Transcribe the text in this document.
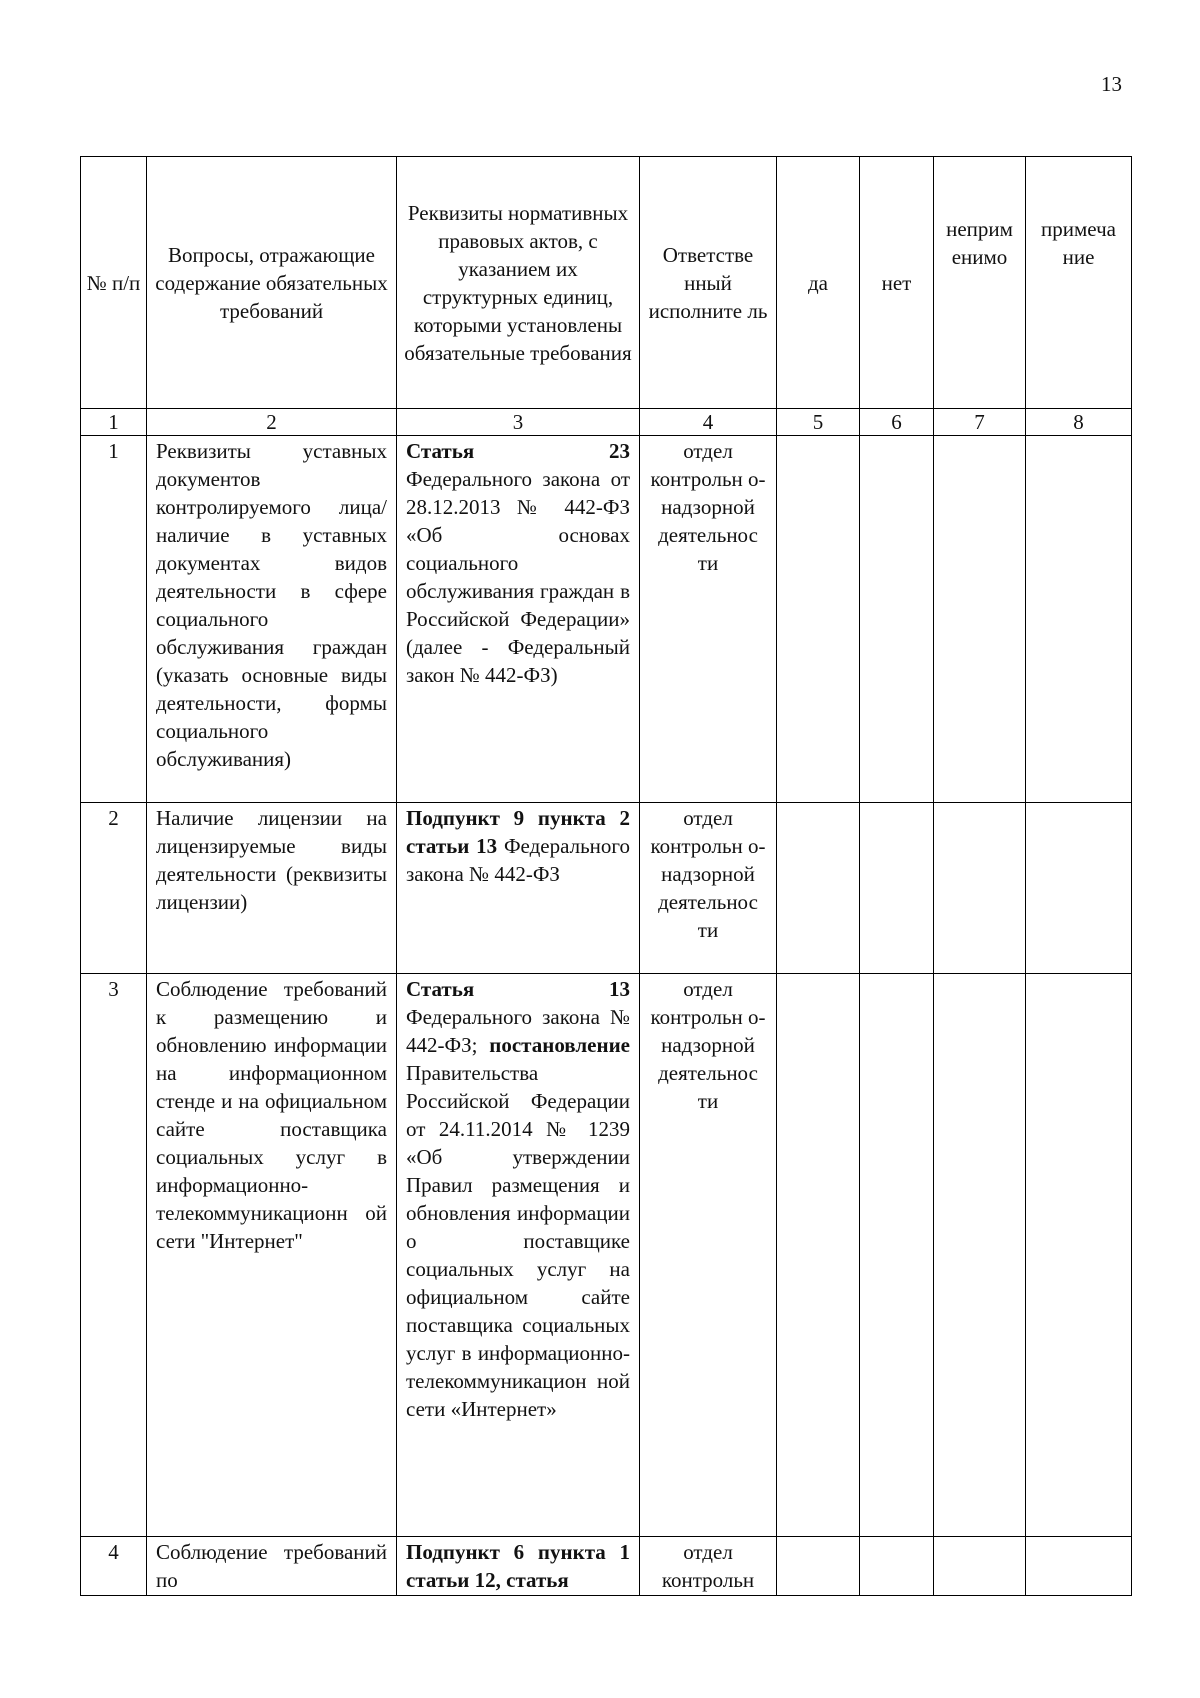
13
№ п/п	Вопросы, отражающие содержание обязательных требований	Реквизиты нормативных правовых актов, с указанием их структурных единиц, которыми установлены обязательные требования	Ответстве нный исполните ль	да	нет	неприм енимо	примеча ние
1	2	3	4	5	6	7	8
1	Реквизиты уставных документов контролируемого лица/наличие в уставных документах видов деятельности в сфере социального обслуживания граждан (указать основные виды деятельности, формы социального обслуживания)	Статья 23 Федерального закона от 28.12.2013 № 442-ФЗ «Об основах социального обслуживания граждан в Российской Федерации» (далее - Федеральный закон № 442-ФЗ)	отдел контрольн о-надзорной деятельнос ти				
2	Наличие лицензии на лицензируемые виды деятельности (реквизиты лицензии)	Подпункт 9 пункта 2 статьи 13 Федерального закона № 442-ФЗ	отдел контрольн о-надзорной деятельнос ти				
3	Соблюдение требований к размещению и обновлению информации на информационном стенде и на официальном сайте поставщика социальных услуг в информационно-телекоммуникационн ой сети "Интернет"	Статья 13 Федерального закона № 442-ФЗ; постановление Правительства Российской Федерации от 24.11.2014 № 1239 «Об утверждении Правил размещения и обновления информации о поставщике социальных услуг на официальном сайте поставщика социальных услуг в информационно-телекоммуникацион ной сети «Интернет»	отдел контрольн о-надзорной деятельнос ти				
4	Соблюдение требований по	Подпункт 6 пункта 1 статьи 12, статья	отдел контрольн				
